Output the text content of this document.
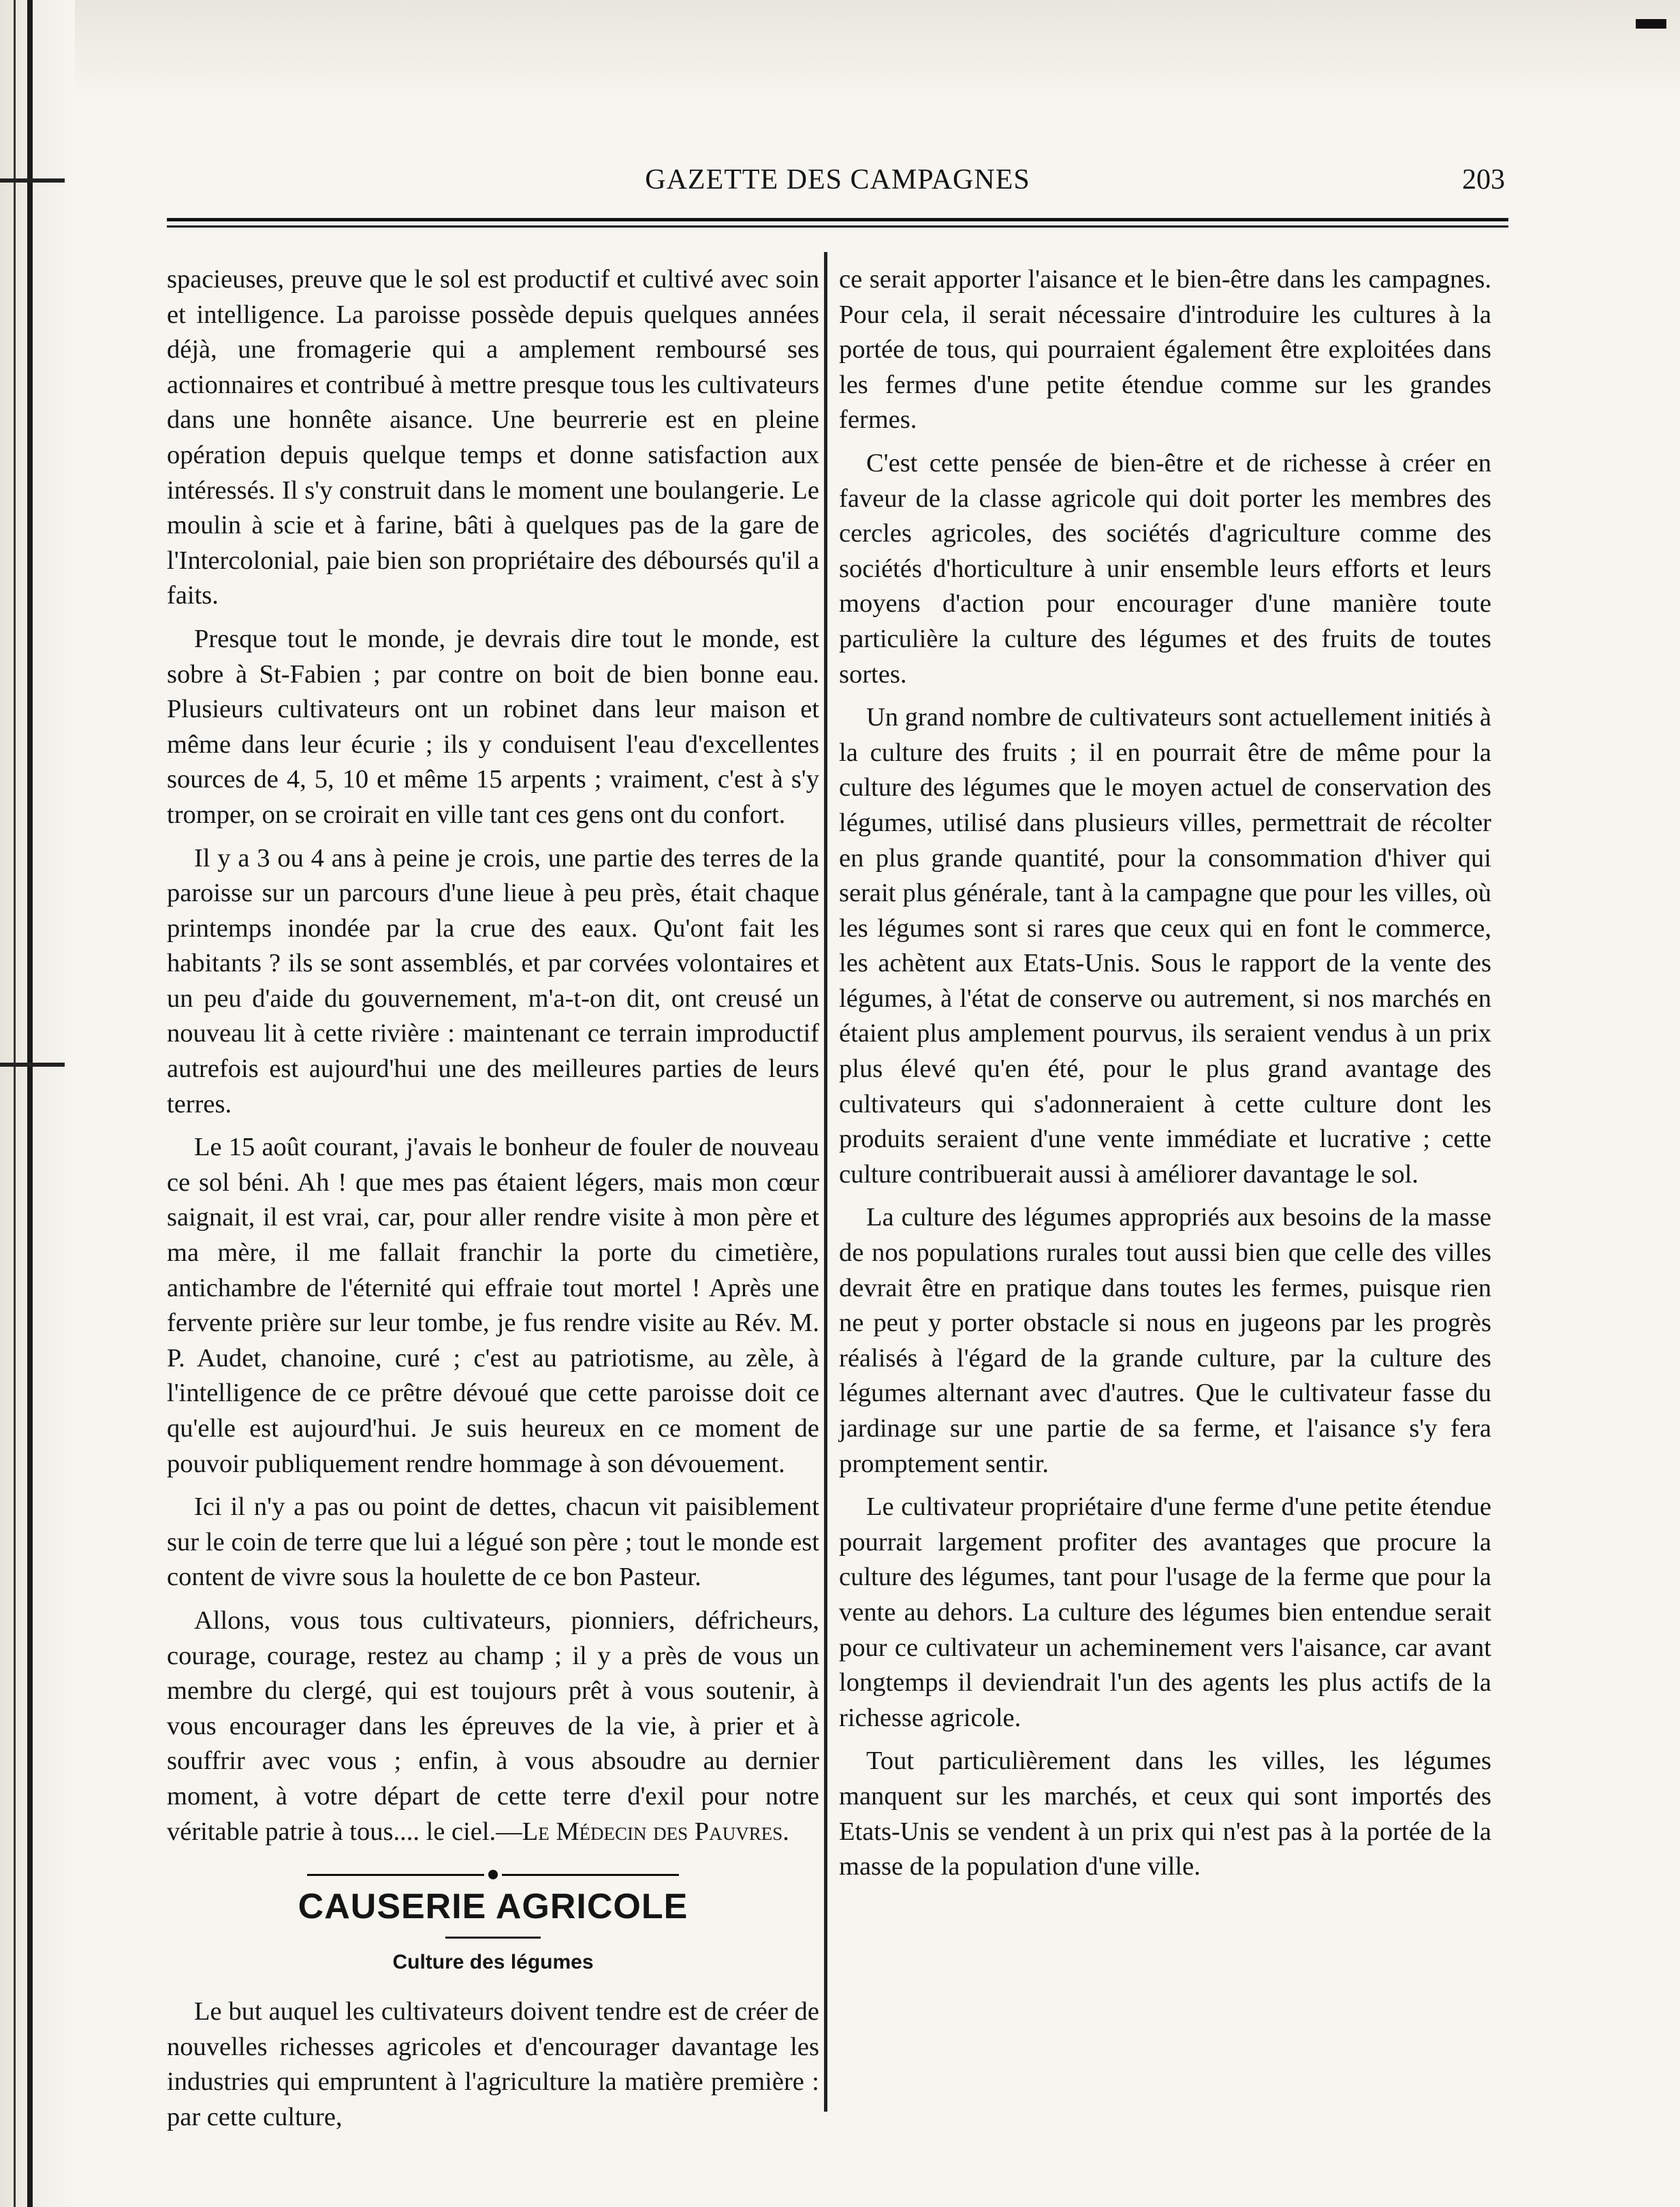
GAZETTE DES CAMPAGNES	203

spacieuses, preuve que le sol est productif et cultivé avec soin et intelligence. La paroisse possède depuis quelques années déjà, une fromagerie qui a amplement remboursé ses actionnaires et contribué à mettre presque tous les cultivateurs dans une honnête aisance. Une beurrerie est en pleine opération depuis quelque temps et donne satisfaction aux intéressés. Il s'y construit dans le moment une boulangerie. Le moulin à scie et à farine, bâti à quelques pas de la gare de l'Intercolonial, paie bien son propriétaire des déboursés qu'il a faits.

Presque tout le monde, je devrais dire tout le monde, est sobre à St-Fabien ; par contre on boit de bien bonne eau. Plusieurs cultivateurs ont un robinet dans leur maison et même dans leur écurie ; ils y conduisent l'eau d'excellentes sources de 4, 5, 10 et même 15 arpents ; vraiment, c'est à s'y tromper, on se croirait en ville tant ces gens ont du confort.

Il y a 3 ou 4 ans à peine je crois, une partie des terres de la paroisse sur un parcours d'une lieue à peu près, était chaque printemps inondée par la crue des eaux. Qu'ont fait les habitants ? ils se sont assemblés, et par corvées volontaires et un peu d'aide du gouvernement, m'a-t-on dit, ont creusé un nouveau lit à cette rivière : maintenant ce terrain improductif autrefois est aujourd'hui une des meilleures parties de leurs terres.

Le 15 août courant, j'avais le bonheur de fouler de nouveau ce sol béni. Ah ! que mes pas étaient légers, mais mon cœur saignait, il est vrai, car, pour aller rendre visite à mon père et ma mère, il me fallait franchir la porte du cimetière, antichambre de l'éternité qui effraie tout mortel ! Après une fervente prière sur leur tombe, je fus rendre visite au Rév. M. P. Audet, chanoine, curé ; c'est au patriotisme, au zèle, à l'intelligence de ce prêtre dévoué que cette paroisse doit ce qu'elle est aujourd'hui. Je suis heureux en ce moment de pouvoir publiquement rendre hommage à son dévouement.

Ici il n'y a pas ou point de dettes, chacun vit paisiblement sur le coin de terre que lui a légué son père ; tout le monde est content de vivre sous la houlette de ce bon Pasteur.

Allons, vous tous cultivateurs, pionniers, défricheurs, courage, courage, restez au champ ; il y a près de vous un membre du clergé, qui est toujours prêt à vous soutenir, à vous encourager dans les épreuves de la vie, à prier et à souffrir avec vous ; enfin, à vous absoudre au dernier moment, à votre départ de cette terre d'exil pour notre véritable patrie à tous.... le ciel.—Le Médecin des Pauvres.

CAUSERIE AGRICOLE
Culture des légumes

Le but auquel les cultivateurs doivent tendre est de créer de nouvelles richesses agricoles et d'encourager davantage les industries qui empruntent à l'agriculture la matière première : par cette culture,

ce serait apporter l'aisance et le bien-être dans les campagnes. Pour cela, il serait nécessaire d'introduire les cultures à la portée de tous, qui pourraient également être exploitées dans les fermes d'une petite étendue comme sur les grandes fermes.

C'est cette pensée de bien-être et de richesse à créer en faveur de la classe agricole qui doit porter les membres des cercles agricoles, des sociétés d'agriculture comme des sociétés d'horticulture à unir ensemble leurs efforts et leurs moyens d'action pour encourager d'une manière toute particulière la culture des légumes et des fruits de toutes sortes.

Un grand nombre de cultivateurs sont actuellement initiés à la culture des fruits ; il en pourrait être de même pour la culture des légumes que le moyen actuel de conservation des légumes, utilisé dans plusieurs villes, permettrait de récolter en plus grande quantité, pour la consommation d'hiver qui serait plus générale, tant à la campagne que pour les villes, où les légumes sont si rares que ceux qui en font le commerce, les achètent aux Etats-Unis. Sous le rapport de la vente des légumes, à l'état de conserve ou autrement, si nos marchés en étaient plus amplement pourvus, ils seraient vendus à un prix plus élevé qu'en été, pour le plus grand avantage des cultivateurs qui s'adonneraient à cette culture dont les produits seraient d'une vente immédiate et lucrative ; cette culture contribuerait aussi à améliorer davantage le sol.

La culture des légumes appropriés aux besoins de la masse de nos populations rurales tout aussi bien que celle des villes devrait être en pratique dans toutes les fermes, puisque rien ne peut y porter obstacle si nous en jugeons par les progrès réalisés à l'égard de la grande culture, par la culture des légumes alternant avec d'autres. Que le cultivateur fasse du jardinage sur une partie de sa ferme, et l'aisance s'y fera promptement sentir.

Le cultivateur propriétaire d'une ferme d'une petite étendue pourrait largement profiter des avantages que procure la culture des légumes, tant pour l'usage de la ferme que pour la vente au dehors. La culture des légumes bien entendue serait pour ce cultivateur un acheminement vers l'aisance, car avant longtemps il deviendrait l'un des agents les plus actifs de la richesse agricole.

Tout particulièrement dans les villes, les légumes manquent sur les marchés, et ceux qui sont importés des Etats-Unis se vendent à un prix qui n'est pas à la portée de la masse de la population d'une ville.
